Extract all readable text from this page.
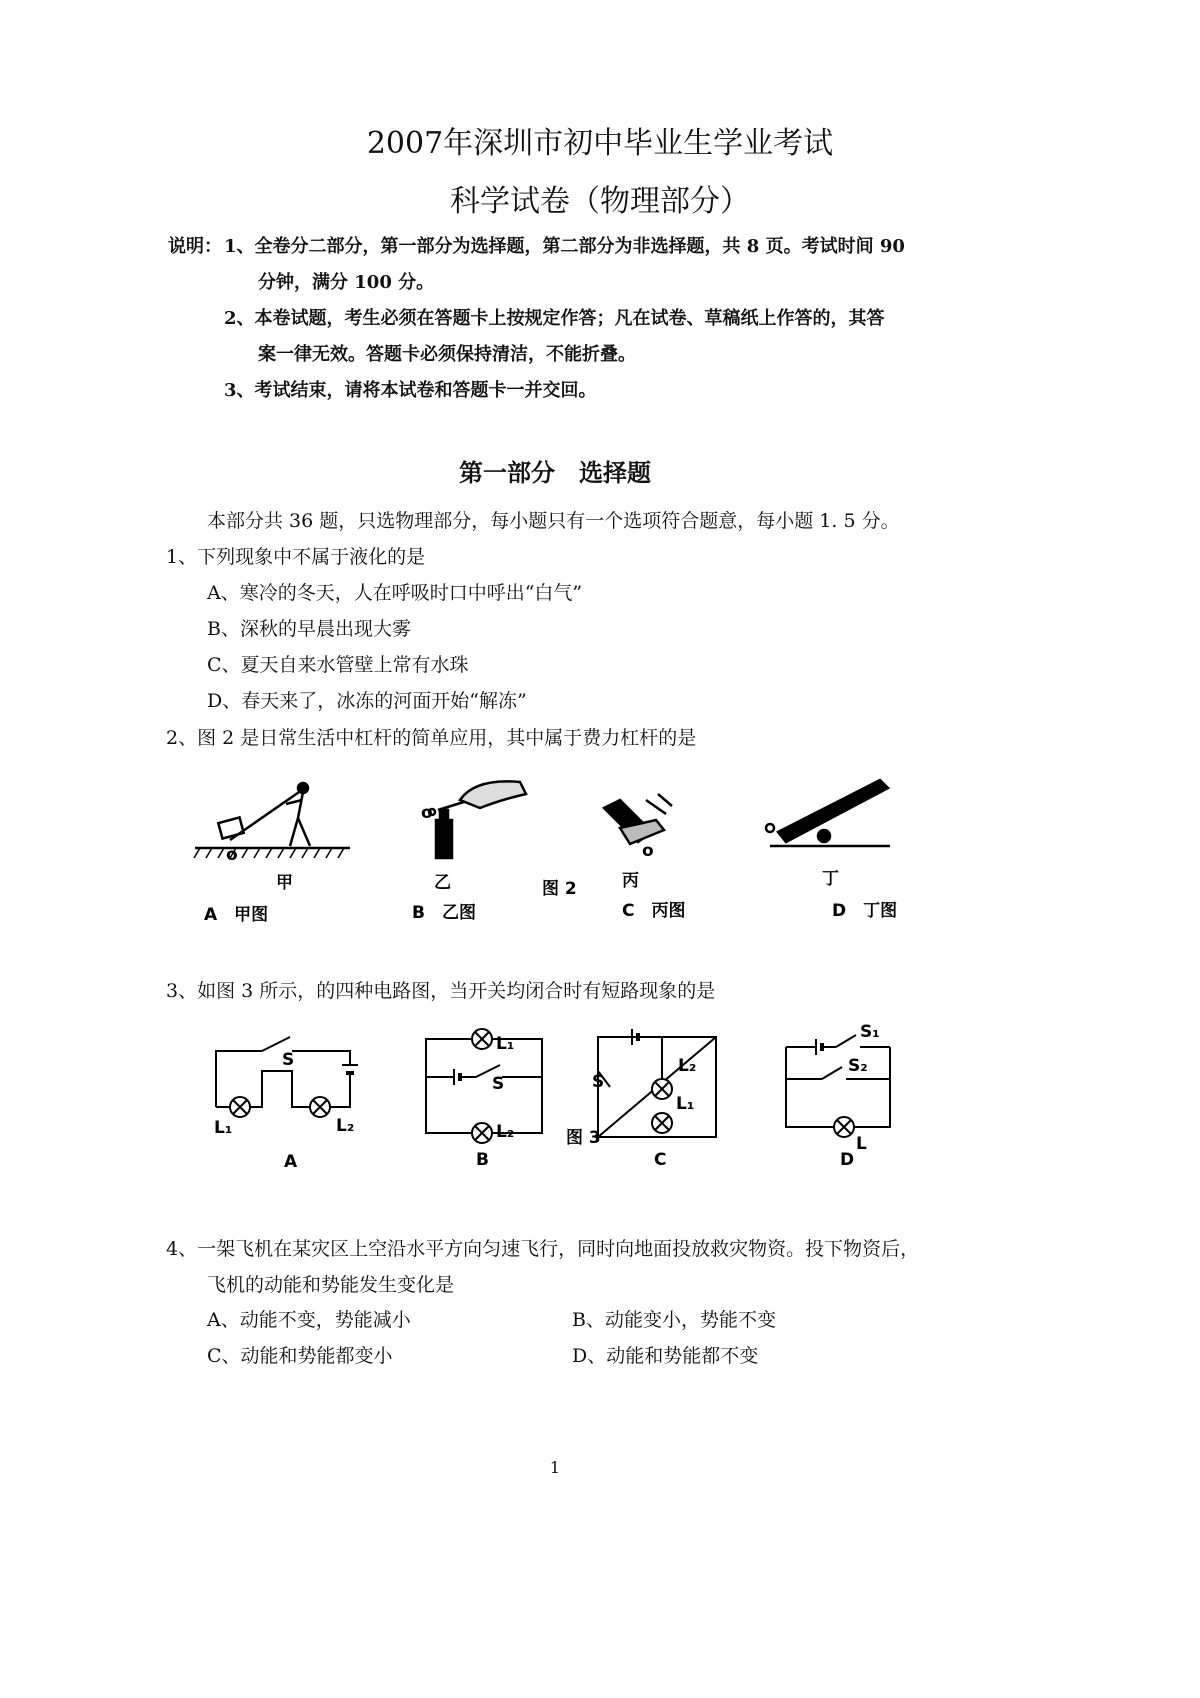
2007年深圳市初中毕业生学业考试
科学试卷（物理部分）
说明： 1、全卷分二部分，第一部分为选择题，第二部分为非选择题，共 8 页。考试时间 90
分钟，满分 100 分。
2、本卷试题，考生必须在答题卡上按规定作答；凡在试卷、草稿纸上作答的，其答
案一律无效。答题卡必须保持清洁，不能折叠。
3、考试结束，请将本试卷和答题卡一并交回。
第一部分　选择题
本部分共 36 题，只选物理部分，每小题只有一个选项符合题意，每小题 1. 5 分。
1、下列现象中不属于液化的是
A、寒冷的冬天，人在呼吸时口中呼出“白气”
B、深秋的早晨出现大雾
C、夏天自来水管壁上常有水珠
D、春天来了，冰冻的河面开始“解冻”
2、图 2 是日常生活中杠杆的简单应用，其中属于费力杠杆的是
o
o
o
甲	乙	图 2	丙	丁
A　甲图	B　乙图	C　丙图	D　丁图
3、如图 3 所示，的四种电路图，当开关均闭合时有短路现象的是
S
L₁	L₂
L₁
S
L₂
S
L₂
L₁
S₁
S₂
L
图 3
A	B	C	D
4、一架飞机在某灾区上空沿水平方向匀速飞行，同时向地面投放救灾物资。投下物资后，
飞机的动能和势能发生变化是
A、动能不变，势能减小	B、动能变小，势能不变
C、动能和势能都变小	D、动能和势能都不变
1
